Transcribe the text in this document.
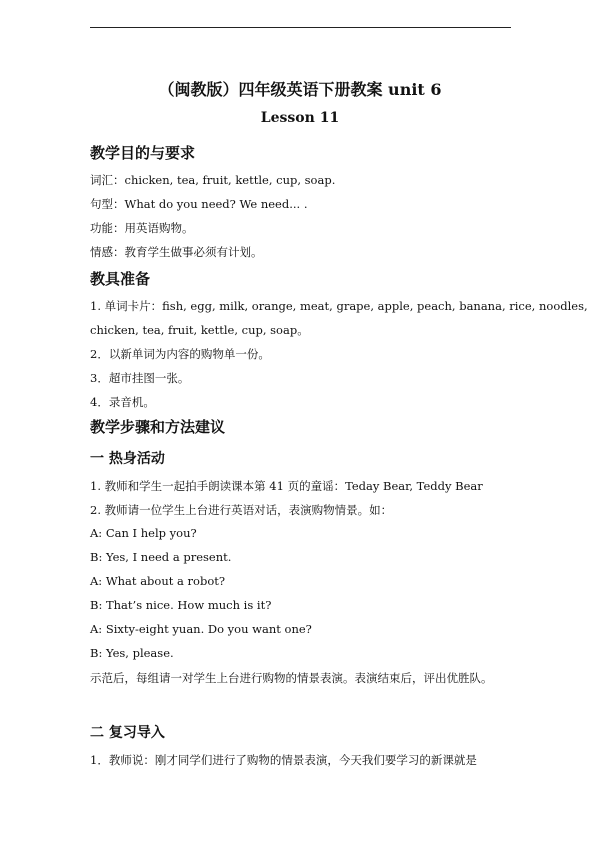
（闽教版）四年级英语下册教案 unit 6
Lesson 11
教学目的与要求
词汇：chicken, tea, fruit, kettle, cup, soap.
句型：What do you need? We need... .
功能：用英语购物。
情感：教育学生做事必须有计划。
教具准备
1. 单词卡片：fish, egg, milk, orange, meat, grape, apple, peach, banana, rice, noodles,
chicken, tea, fruit, kettle, cup, soap。
2．以新单词为内容的购物单一份。
3．超市挂图一张。
4．录音机。
教学步骤和方法建议
一 热身活动
1. 教师和学生一起拍手朗读课本第 41 页的童谣：Teday Bear, Teddy Bear
2. 教师请一位学生上台进行英语对话，表演购物情景。如：
A: Can I help you?
B: Yes, I need a present.
A: What about a robot?
B: That’s nice. How much is it?
A: Sixty-eight yuan. Do you want one?
B: Yes, please.
示范后，每组请一对学生上台进行购物的情景表演。表演结束后，评出优胜队。
二 复习导入
1．教师说：刚才同学们进行了购物的情景表演，今天我们要学习的新课就是
